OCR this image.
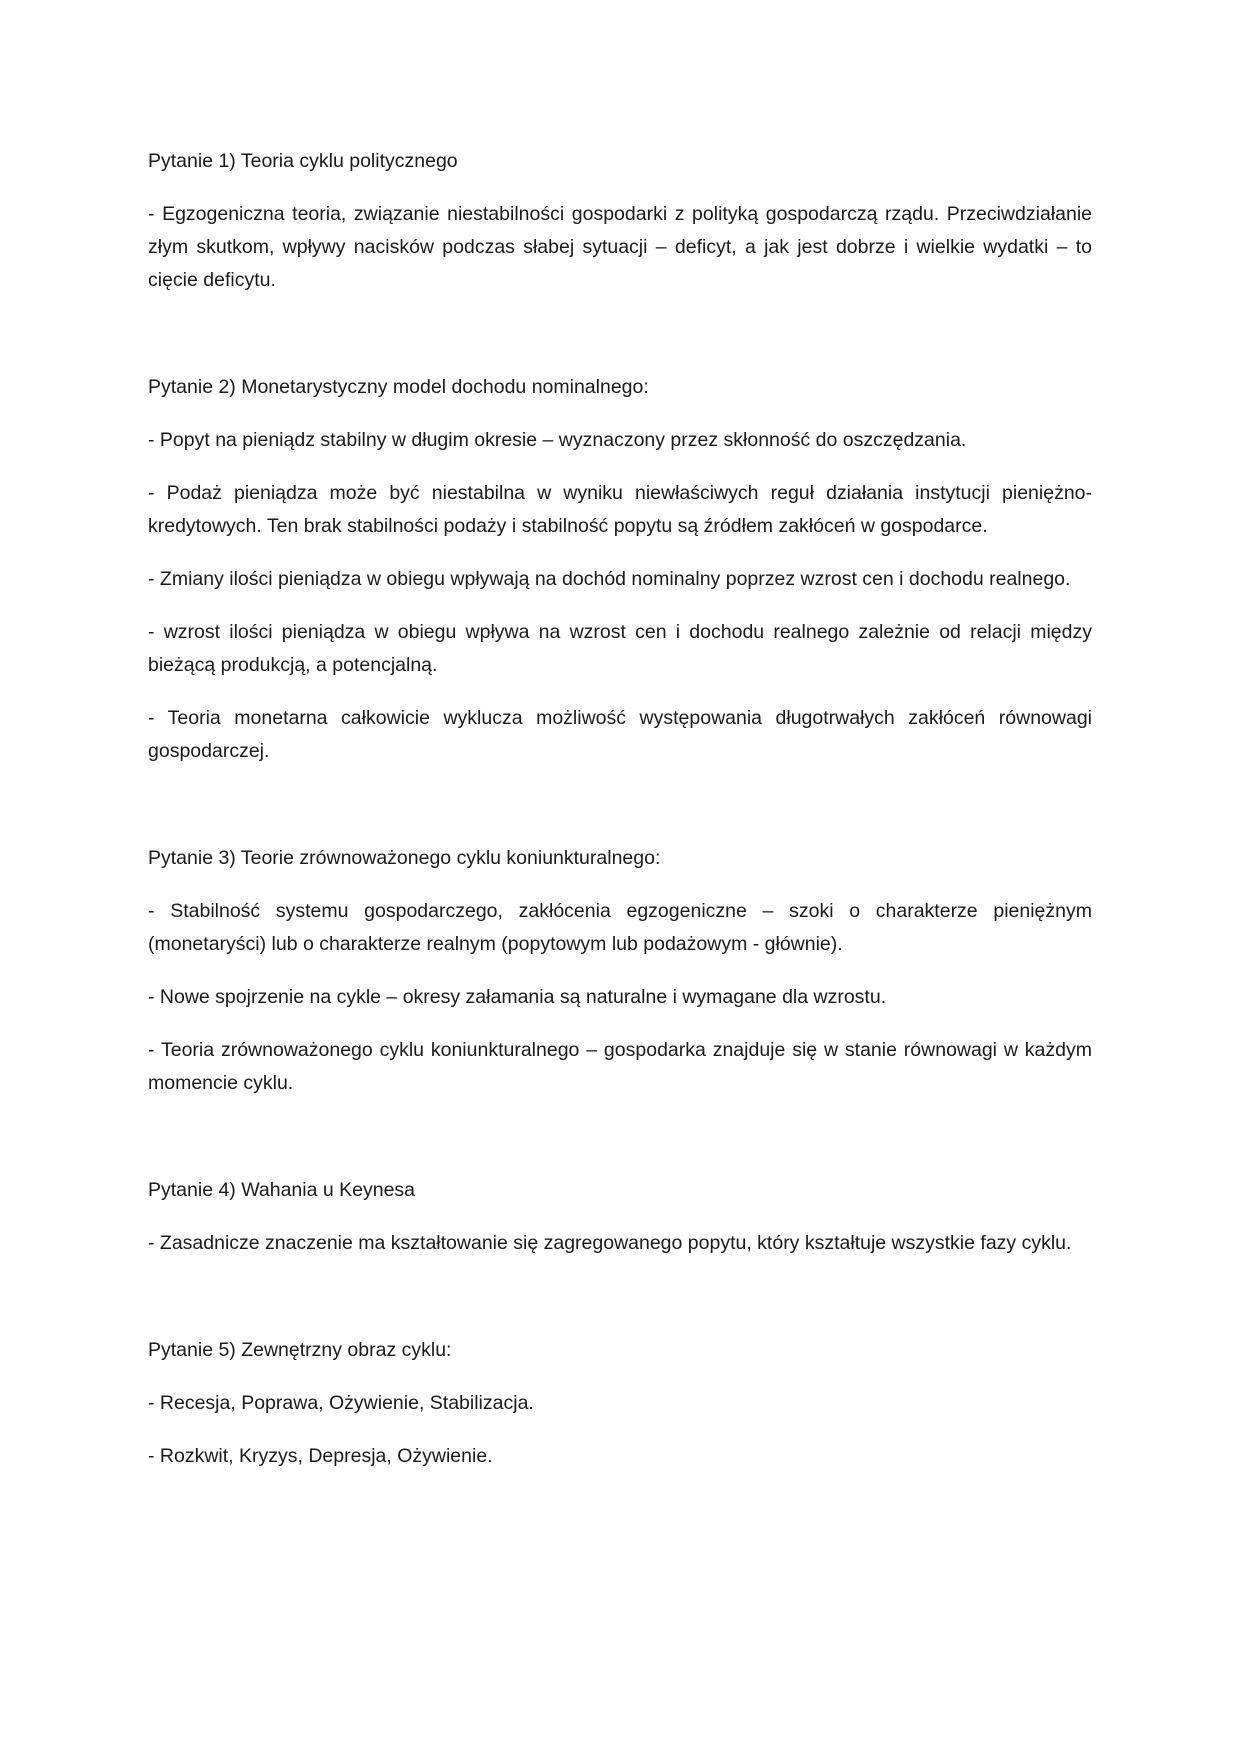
Pytanie 1) Teoria cyklu politycznego

- Egzogeniczna teoria, związanie niestabilności gospodarki z polityką gospodarczą rządu. Przeciwdziałanie złym skutkom, wpływy nacisków podczas słabej sytuacji – deficyt, a jak jest dobrze i wielkie wydatki – to cięcie deficytu.

Pytanie 2) Monetarystyczny model dochodu nominalnego:

- Popyt na pieniądz stabilny w długim okresie – wyznaczony przez skłonność do oszczędzania.

- Podaż pieniądza może być niestabilna w wyniku niewłaściwych reguł działania instytucji pieniężno-kredytowych. Ten brak stabilności podaży i stabilność popytu są źródłem zakłóceń w gospodarce.

- Zmiany ilości pieniądza w obiegu wpływają na dochód nominalny poprzez wzrost cen i dochodu realnego.

- wzrost ilości pieniądza w obiegu wpływa na wzrost cen i dochodu realnego zależnie od relacji między bieżącą produkcją, a potencjalną.

- Teoria monetarna całkowicie wyklucza możliwość występowania długotrwałych zakłóceń równowagi gospodarczej.

Pytanie 3) Teorie zrównoważonego cyklu koniunkturalnego:

- Stabilność systemu gospodarczego, zakłócenia egzogeniczne – szoki o charakterze pieniężnym (monetaryści) lub o charakterze realnym (popytowym lub podażowym - głównie).

- Nowe spojrzenie na cykle – okresy załamania są naturalne i wymagane dla wzrostu.

- Teoria zrównoważonego cyklu koniunkturalnego – gospodarka znajduje się w stanie równowagi w każdym momencie cyklu.

Pytanie 4) Wahania u Keynesa

- Zasadnicze znaczenie ma kształtowanie się zagregowanego popytu, który kształtuje wszystkie fazy cyklu.

Pytanie 5) Zewnętrzny obraz cyklu:

- Recesja, Poprawa, Ożywienie, Stabilizacja.

- Rozkwit, Kryzys, Depresja, Ożywienie.
